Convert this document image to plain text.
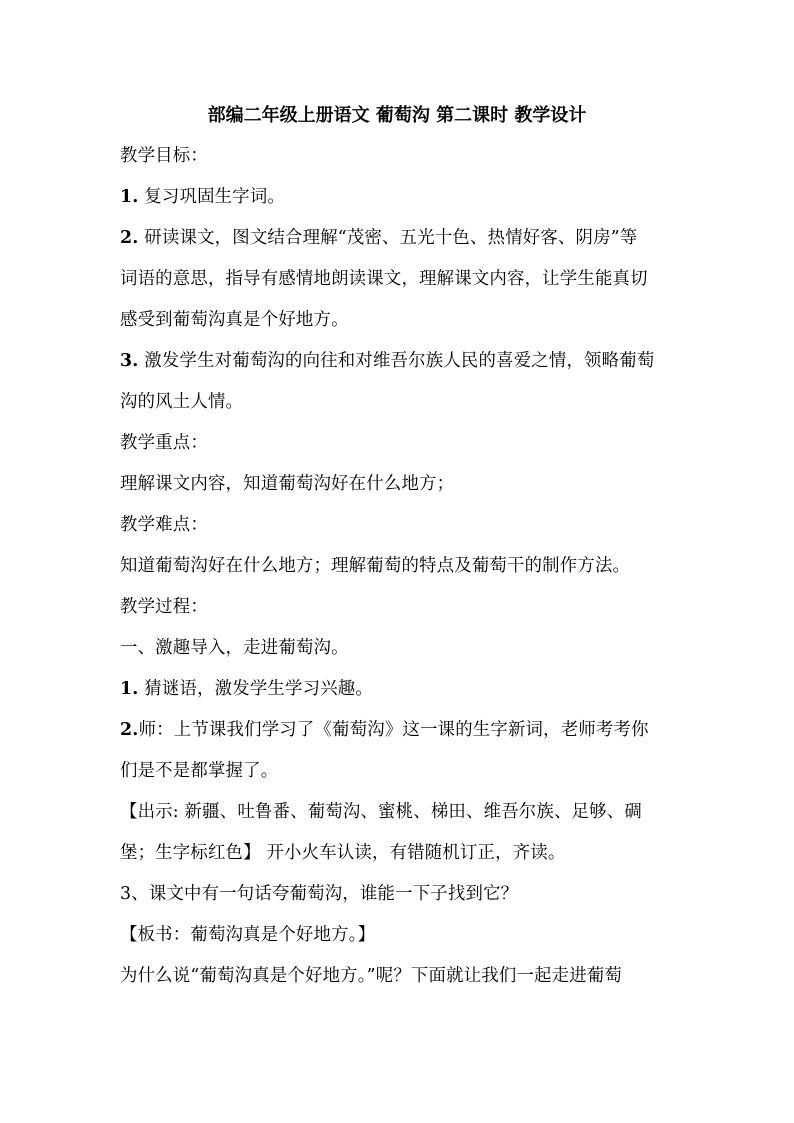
部编二年级上册语文 葡萄沟 第二课时 教学设计

教学目标：

1. 复习巩固生字词。

2. 研读课文，图文结合理解“茂密、五光十色、热情好客、阴房”等

词语的意思，指导有感情地朗读课文，理解课文内容，让学生能真切

感受到葡萄沟真是个好地方。

3. 激发学生对葡萄沟的向往和对维吾尔族人民的喜爱之情，领略葡萄

沟的风土人情。

教学重点：

理解课文内容，知道葡萄沟好在什么地方；

教学难点：

知道葡萄沟好在什么地方；理解葡萄的特点及葡萄干的制作方法。

教学过程：

一、激趣导入，走进葡萄沟。

1. 猜谜语，激发学生学习兴趣。

2.师：上节课我们学习了《葡萄沟》这一课的生字新词，老师考考你

们是不是都掌握了。

【出示: 新疆、吐鲁番、葡萄沟、蜜桃、梯田、维吾尔族、足够、碉

堡；生字标红色】 开小火车认读，有错随机订正，齐读。

3、课文中有一句话夸葡萄沟，谁能一下子找到它？

【板书：葡萄沟真是个好地方。】

为什么说“葡萄沟真是个好地方。”呢？下面就让我们一起走进葡萄
